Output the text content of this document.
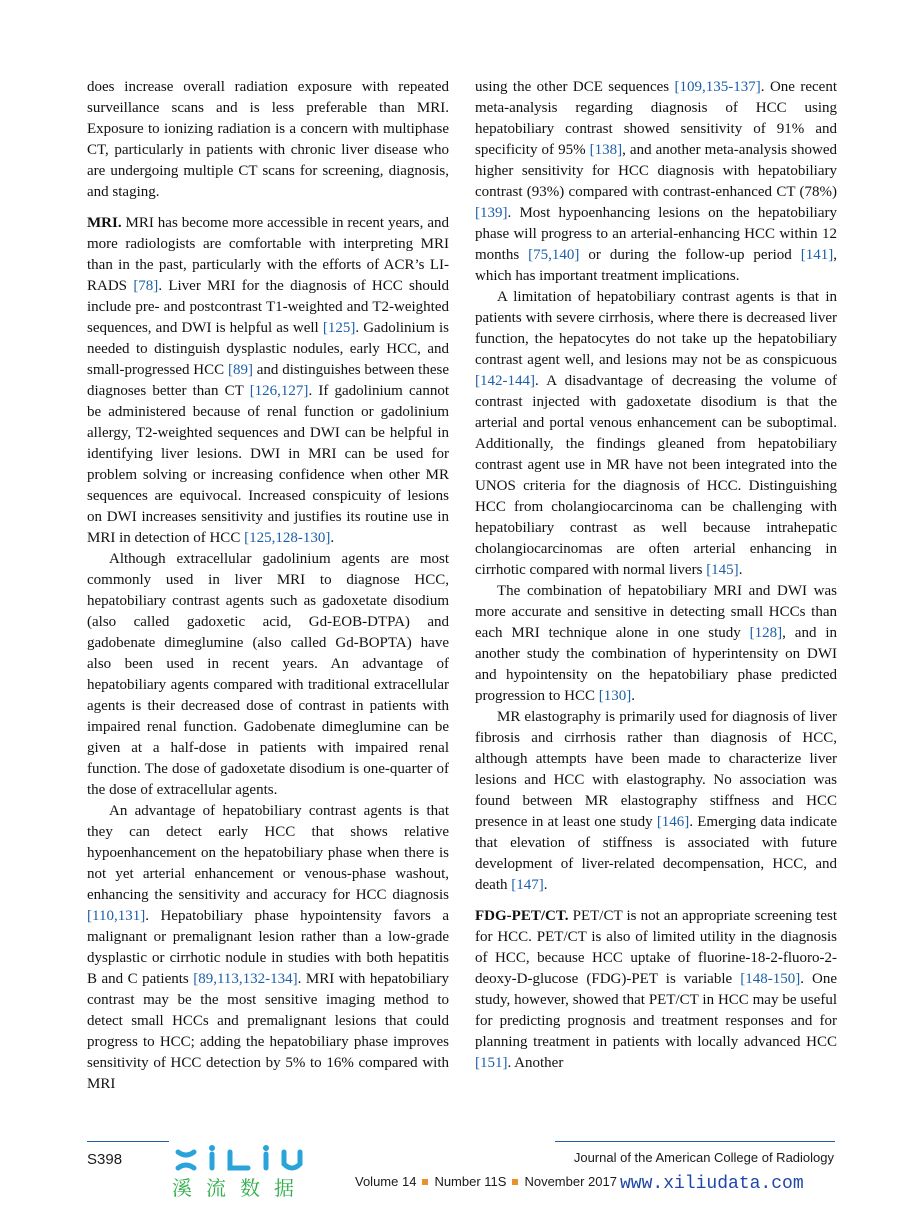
does increase overall radiation exposure with repeated surveillance scans and is less preferable than MRI. Exposure to ionizing radiation is a concern with multiphase CT, particularly in patients with chronic liver disease who are undergoing multiple CT scans for screening, diagnosis, and staging.

MRI. MRI has become more accessible in recent years, and more radiologists are comfortable with interpreting MRI than in the past, particularly with the efforts of ACR’s LI-RADS [78]. Liver MRI for the diagnosis of HCC should include pre- and postcontrast T1-weighted and T2-weighted sequences, and DWI is helpful as well [125]. Gadolinium is needed to distinguish dysplastic nodules, early HCC, and small-progressed HCC [89] and distinguishes between these diagnoses better than CT [126,127]. If gadolinium cannot be administered because of renal function or gadolinium allergy, T2-weighted sequences and DWI can be helpful in identifying liver lesions. DWI in MRI can be used for problem solving or increasing confidence when other MR sequences are equivocal. Increased conspicuity of lesions on DWI increases sensitivity and justifies its routine use in MRI in detection of HCC [125,128-130].

Although extracellular gadolinium agents are most commonly used in liver MRI to diagnose HCC, hepatobiliary contrast agents such as gadoxetate disodium (also called gadoxetic acid, Gd-EOB-DTPA) and gadobenate dimeglumine (also called Gd-BOPTA) have also been used in recent years. An advantage of hepatobiliary agents compared with traditional extracellular agents is their decreased dose of contrast in patients with impaired renal function. Gadobenate dimeglumine can be given at a half-dose in patients with impaired renal function. The dose of gadoxetate disodium is one-quarter of the dose of extracellular agents.

An advantage of hepatobiliary contrast agents is that they can detect early HCC that shows relative hypoenhancement on the hepatobiliary phase when there is not yet arterial enhancement or venous-phase washout, enhancing the sensitivity and accuracy for HCC diagnosis [110,131]. Hepatobiliary phase hypointensity favors a malignant or premalignant lesion rather than a low-grade dysplastic or cirrhotic nodule in studies with both hepatitis B and C patients [89,113,132-134]. MRI with hepatobiliary contrast may be the most sensitive imaging method to detect small HCCs and premalignant lesions that could progress to HCC; adding the hepatobiliary phase improves sensitivity of HCC detection by 5% to 16% compared with MRI

using the other DCE sequences [109,135-137]. One recent meta-analysis regarding diagnosis of HCC using hepatobiliary contrast showed sensitivity of 91% and specificity of 95% [138], and another meta-analysis showed higher sensitivity for HCC diagnosis with hepatobiliary contrast (93%) compared with contrast-enhanced CT (78%) [139]. Most hypoenhancing lesions on the hepatobiliary phase will progress to an arterial-enhancing HCC within 12 months [75,140] or during the follow-up period [141], which has important treatment implications.

A limitation of hepatobiliary contrast agents is that in patients with severe cirrhosis, where there is decreased liver function, the hepatocytes do not take up the hepatobiliary contrast agent well, and lesions may not be as conspicuous [142-144]. A disadvantage of decreasing the volume of contrast injected with gadoxetate disodium is that the arterial and portal venous enhancement can be suboptimal. Additionally, the findings gleaned from hepatobiliary contrast agent use in MR have not been integrated into the UNOS criteria for the diagnosis of HCC. Distinguishing HCC from cholangiocarcinoma can be challenging with hepatobiliary contrast as well because intrahepatic cholangiocarcinomas are often arterial enhancing in cirrhotic compared with normal livers [145].

The combination of hepatobiliary MRI and DWI was more accurate and sensitive in detecting small HCCs than each MRI technique alone in one study [128], and in another study the combination of hyperintensity on DWI and hypointensity on the hepatobiliary phase predicted progression to HCC [130].

MR elastography is primarily used for diagnosis of liver fibrosis and cirrhosis rather than diagnosis of HCC, although attempts have been made to characterize liver lesions and HCC with elastography. No association was found between MR elastography stiffness and HCC presence in at least one study [146]. Emerging data indicate that elevation of stiffness is associated with future development of liver-related decompensation, HCC, and death [147].

FDG-PET/CT. PET/CT is not an appropriate screening test for HCC. PET/CT is also of limited utility in the diagnosis of HCC, because HCC uptake of fluorine-18-2-fluoro-2-deoxy-D-glucose (FDG)-PET is variable [148-150]. One study, however, showed that PET/CT in HCC may be useful for predicting prognosis and treatment responses and for planning treatment in patients with locally advanced HCC [151]. Another

S398	Journal of the American College of Radiology
Volume 14 Number 11S November 2017
溪流数据	www.xiliudata.com
